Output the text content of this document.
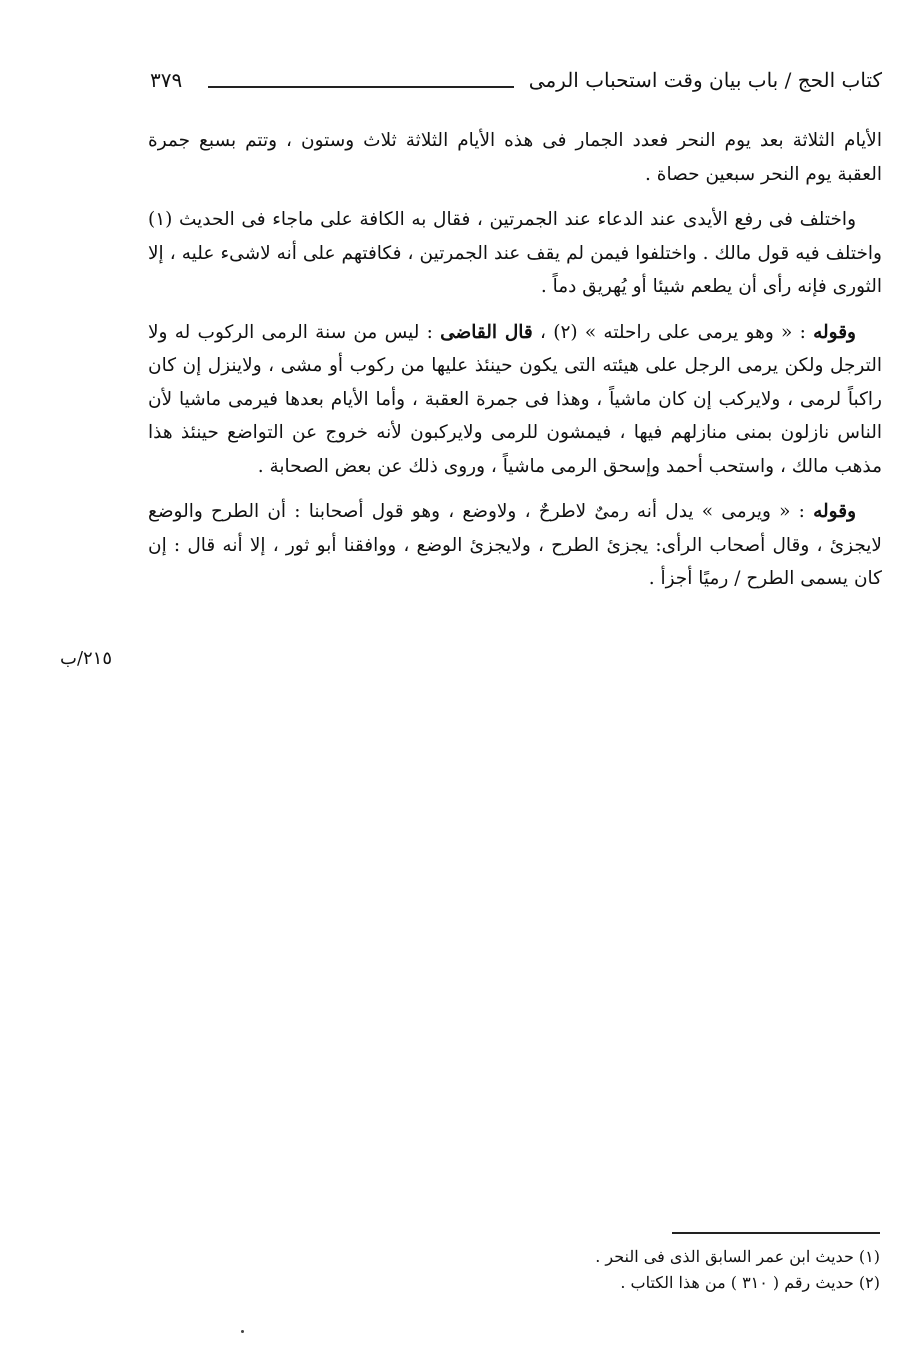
كتاب الحج / باب بيان وقت استحباب الرمى
٣٧٩

الأيام الثلاثة بعد يوم النحر فعدد الجمار فى هذه الأيام الثلاثة ثلاث وستون ، وتتم بسبع جمرة العقبة يوم النحر سبعين حصاة .

واختلف فى رفع الأيدى عند الدعاء عند الجمرتين ، فقال به الكافة على ماجاء فى الحديث (١) واختلف فيه قول مالك . واختلفوا فيمن لم يقف عند الجمرتين ، فكافتهم على أنه لاشىء عليه ، إلا الثورى فإنه رأى أن يطعم شيئا أو يُهريق دماً .

وقوله : « وهو يرمى على راحلته » (٢) ، قال القاضى : ليس من سنة الرمى الركوب له ولا الترجل ولكن يرمى الرجل على هيئته التى يكون حينئذ عليها من ركوب أو مشى ، ولاينزل إن كان راكباً لرمى ، ولايركب إن كان ماشياً ، وهذا فى جمرة العقبة ، وأما الأيام بعدها فيرمى ماشيا لأن الناس نازلون بمنى منازلهم فيها ، فيمشون للرمى ولايركبون لأنه خروج عن التواضع حينئذ هذا مذهب مالك ، واستحب أحمد وإسحق الرمى ماشياً ، وروى ذلك عن بعض الصحابة .

وقوله : « ويرمى » يدل أنه رمىٌ لاطرحٌ ، ولاوضع ، وهو قول أصحابنا : أن الطرح والوضع لايجزئ ، وقال أصحاب الرأى: يجزئ الطرح ، ولايجزئ الوضع ، ووافقنا أبو ثور ، إلا أنه قال : إن كان يسمى الطرح / رميًا أجزأ .

٢١٥/ب
(١) حديث ابن عمر السابق الذى فى النحر .
(٢) حديث رقم ( ٣١٠ ) من هذا الكتاب .
